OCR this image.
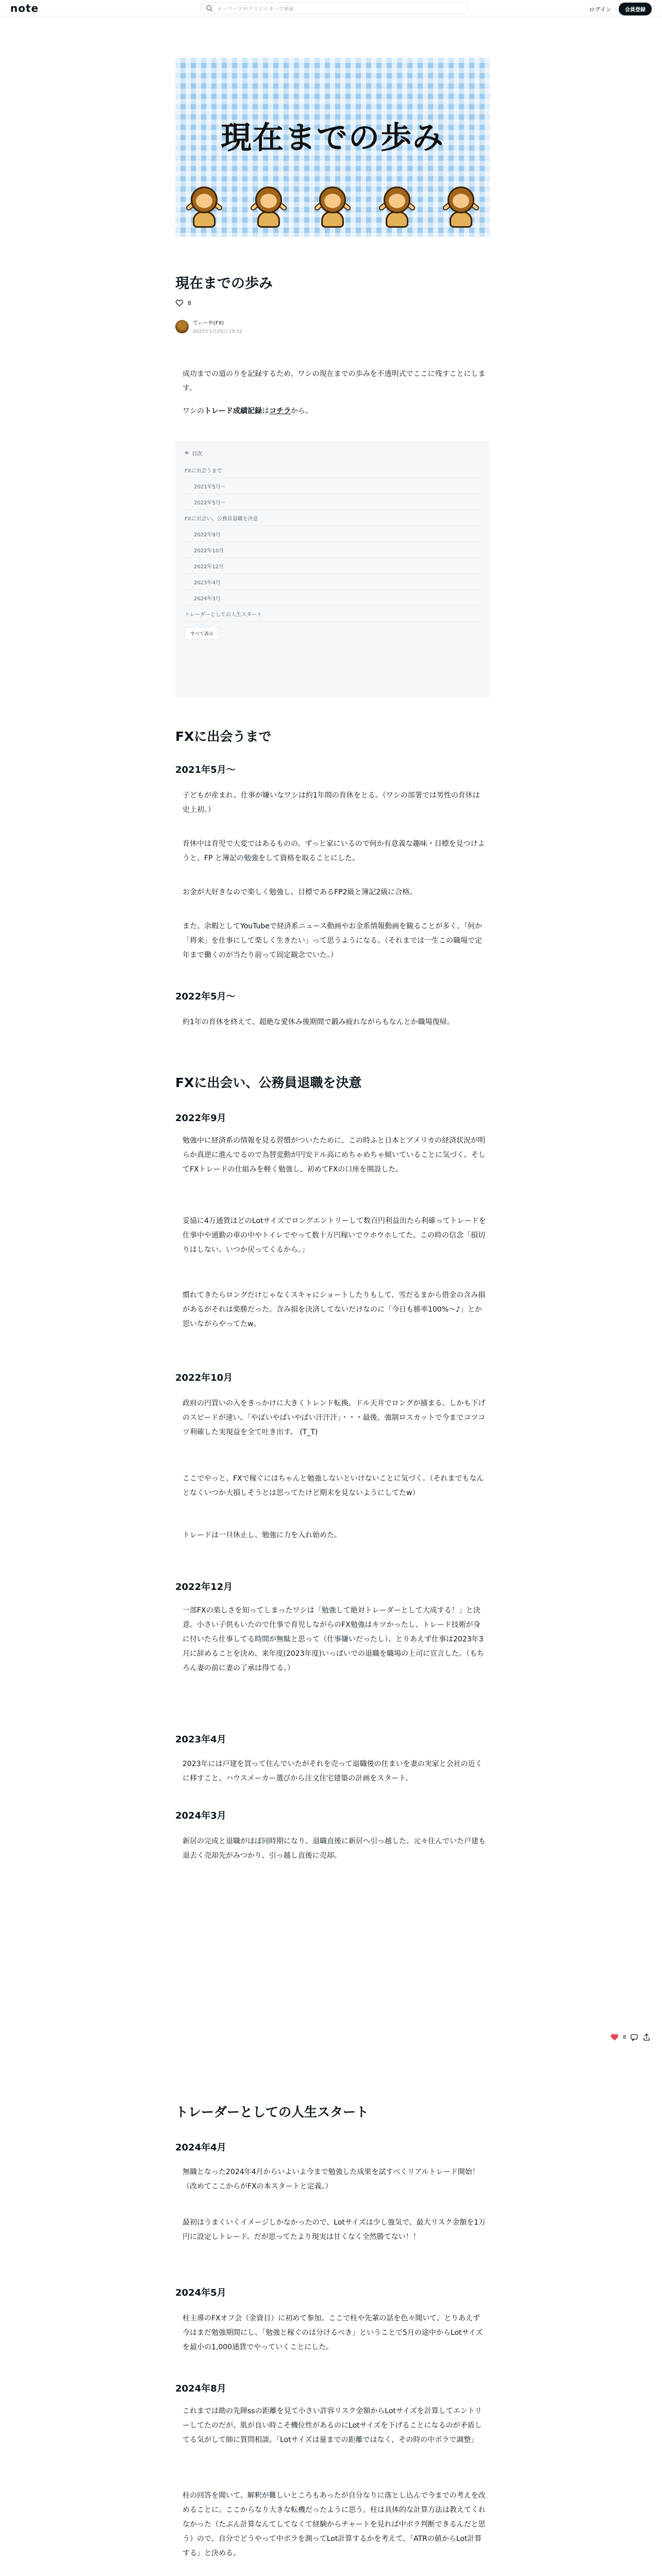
note	キーワードやクリエイターで検索	ログイン	会員登録
現在までの歩み
現在までの歩み
8
てぃーや(FX)
2025年1月25日 19:31

成功までの道のりを記録するため、ワシの現在までの歩みを不透明式でここに残すことにします。

ワシのトレード成績記録はコチラから。

≡ 目次
FXに出会うまで
2021年5月〜
2022年5月〜
FXに出会い、公務員退職を決意
2022年9月
2022年10月
2022年12月
2023年4月
2024年3月
トレーダーとしての人生スタート
すべて表示
FXに出会うまで
2021年5月〜

子どもが産まれ、仕事が嫌いなワシは約1年間の育休をとる。（ワシの部署では男性の育休は史上初。）

育休中は育児で大変ではあるものの、ずっと家にいるので何か有意義な趣味・目標を見つけようと、FP と簿記の勉強をして資格を取ることにした。

お金が大好きなので楽しく勉強し、目標であるFP2級と簿記2級に合格。

また、余暇としてYouTubeで経済系ニュース動画やお金系情報動画を観ることが多く、「何か「将来」を仕事にして楽しく生きたい」って思うようになる。（それまでは一生この職場で定年まで働くのが当たり前って固定観念でいた。）

2022年5月〜

約1年の育休を終えて、超絶な愛休み後期間で鍛み疲れながらもなんとか職場復帰。

FXに出会い、公務員退職を決意
2022年9月

勉強中に経済系の情報を見る習慣がついたために、この時ふと日本とアメリカの経済状況が明らか真逆に進んでるので為替変動が円安ドル高にめちゃめちゃ傾いていることに気づく。そしてFXトレードの仕組みを軽く勉強し、初めてFXの口座を開設した。

妥協に4万通貨ほどのLotサイズでロングエントリーして数百円利益出たら利確ってトレードを仕事中や通勤の車の中やトイレでやって数十万円稼いでウホウホしてた。この時の信念「損切りはしない、いつか戻ってくるから。」

慣れてきたらロングだけじゃなくスキャにショートしたりもして、雪だるまから借金の含み損があるがそれは楽勝だった。含み損を決済してないだけなのに「今日も勝率100%〜♪」とか思いながらやってたw。

2022年10月

政府の円買いの入をきっかけに大きくトレンド転換。ドル天井でロングが捕まる。しかも下げのスピードが速い。「やばいやばいやばい汗汗汗」・・・最後、強制ロスカットで今までコツコツ利確した実現益を全て吐き出す。 (T_T)

ここでやっと、FXで稼ぐにはちゃんと勉強しないといけないことに気づく。（それまでもなんとなくいつか大損しそうとは思ってたけど期末を見ないようにしてたw）

トレードは一旦休止し、勉強に力を入れ始めた。

2022年12月

一部FXの楽しさを知ってしまったワシは「勉強して絶対トレーダーとして大成する！」と決意。小さい子供もいたので仕事で育児しながらのFX勉強はキツかったし、トレード技術が身に付いたら仕事してる時間が無駄と思って（仕事嫌いだったし）、とりあえず仕事は2023年3月に辞めることを決め、来年度(2023年度)いっぱいでの退職を職場の上司に宣言した。（もちろん妻の前に妻の了承は得てる。）

2023年4月

2023年には戸建を買って住んでいたがそれを売って退職後の住まいを妻の実家と会社の近くに移すこと、ハウスメーカー選びから注文住宅建築の計画をスタート。

2024年3月

新居の完成と退職がほぼ同時期になり、退職直後に新居へ引っ越した。元々住んでいた戸建も退去く売却先がみつかり、引っ越し直後に売却。

トレーダーとしての人生スタート
2024年4月

無職となった2024年4月からいよいよ今まで勉強した成果を試すべくリアルトレード開始！（改めてここからがFXの本スタートと定義。）

最初はうまくいくイメージしかなかったので、Lotサイズは少し強気で、最大リスク金額を1万円に設定しトレード。だが思ってたより現実は甘くなく全然勝てない！！

2024年5月

柱主導のFXオフ会（金資目）に初めて参加。ここで柱や先輩の話を色々聞いて、とりあえず今はまだ勉強期間にし、「勉強と稼ぐのは分けるべき」ということで5月の途中からLotサイズを最小の1,000通貨でやっていくことにした。

2024年8月

これまでは勘の先陣ssの距離を見て小さい許容リスク金額からLotサイズを計算してエントリーしてたのだが、肌が良い時こそ機位性があるのにLotサイズを下げることになるのが矛盾してる気がして師に質問相談。「Lotサイズは量までの距離ではなく、その時の中ボラで調整」

柱の回答を聞いて、解釈が難しいところもあったが自分なりに落とし込んで今までの考えを改めることに。ここからなり大きな転機だったように思う。柱は具体的な計算方法は教えてくれなかった（たぶん計算なんてしてなくて経験からチャートを見れば中ボラ判断できるんだと思う）ので、自分でどうやって中ボラを測ってLot計算するかを考えて、「ATRの値からLot計算する」と決める。

8
